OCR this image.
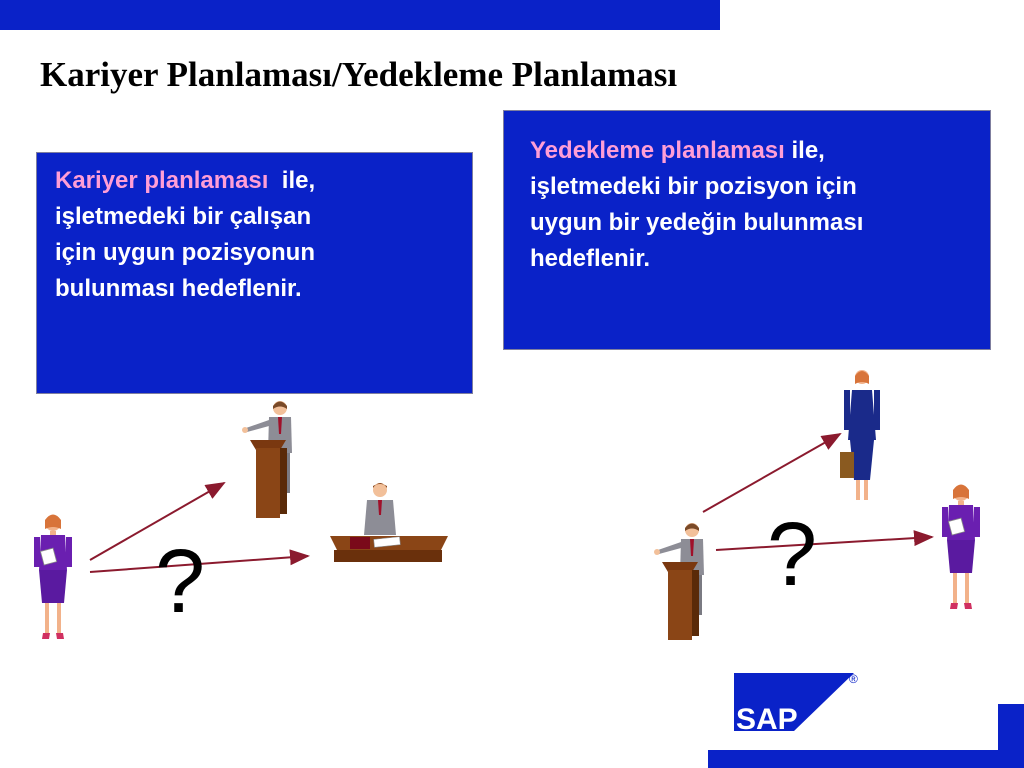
Kariyer Planlaması/Yedekleme Planlaması
Kariyer planlaması ile,
işletmedeki bir çalışan
için uygun pozisyonun
bulunması hedeflenir.
Yedekleme planlaması ile,
işletmedeki bir pozisyon için
uygun bir yedeğin bulunması
hedeflenir.
?	?
SAP
®
